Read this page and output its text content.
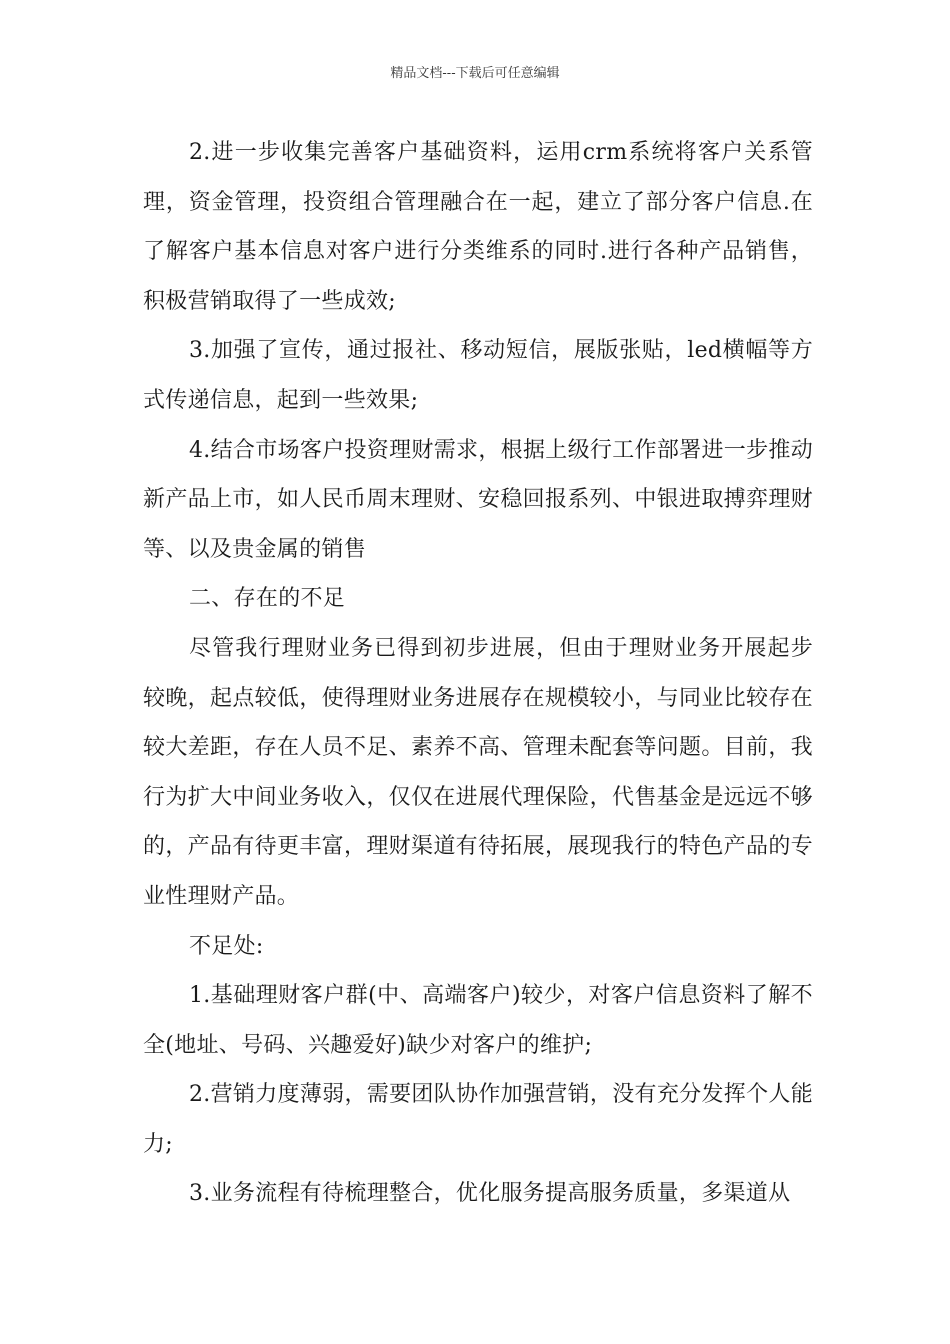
精品文档---下载后可任意编辑

2.进一步收集完善客户基础资料，运用crm系统将客户关系管理，资金管理，投资组合管理融合在一起，建立了部分客户信息.在了解客户基本信息对客户进行分类维系的同时.进行各种产品销售，积极营销取得了一些成效;

3.加强了宣传，通过报社、移动短信，展版张贴，led横幅等方式传递信息，起到一些效果;

4.结合市场客户投资理财需求，根据上级行工作部署进一步推动新产品上市，如人民币周末理财、安稳回报系列、中银进取搏弈理财等、以及贵金属的销售

二、存在的不足

尽管我行理财业务已得到初步进展，但由于理财业务开展起步较晚，起点较低，使得理财业务进展存在规模较小，与同业比较存在较大差距，存在人员不足、素养不高、管理未配套等问题。目前，我行为扩大中间业务收入，仅仅在进展代理保险，代售基金是远远不够的，产品有待更丰富，理财渠道有待拓展，展现我行的特色产品的专业性理财产品。

不足处:

1.基础理财客户群(中、高端客户)较少，对客户信息资料了解不全(地址、号码、兴趣爱好)缺少对客户的维护;

2.营销力度薄弱，需要团队协作加强营销，没有充分发挥个人能力;

3.业务流程有待梳理整合，优化服务提高服务质量，多渠道从
